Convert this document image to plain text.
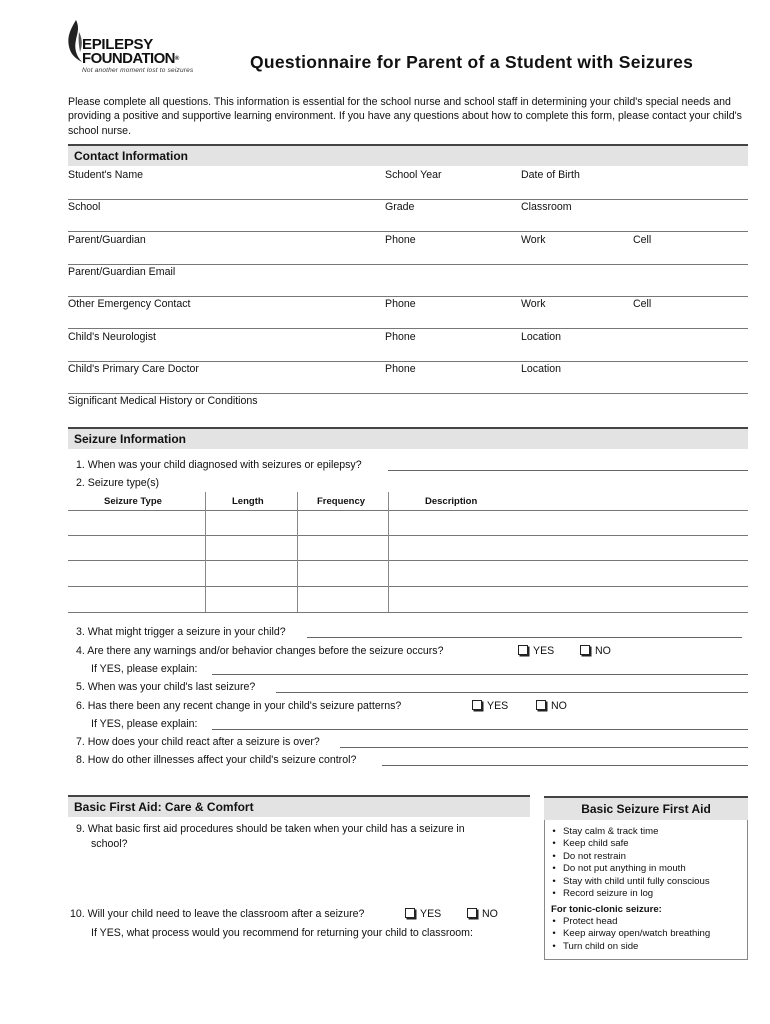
EPILEPSY
FOUNDATION®
Not another moment lost to seizures	Questionnaire for Parent of a Student with Seizures
Please complete all questions. This information is essential for the school nurse and school staff in determining your child's special needs and providing a positive and supportive learning environment. If you have any questions about how to complete this form, please contact your child's school nurse.
Contact Information
Student's Name	School Year	Date of Birth
School	Grade	Classroom
Parent/Guardian	Phone	Work	Cell
Parent/Guardian Email
Other Emergency Contact	Phone	Work	Cell
Child's Neurologist	Phone	Location
Child's Primary Care Doctor	Phone	Location
Significant Medical History or Conditions
Seizure Information
1. When was your child diagnosed with seizures or epilepsy?
2. Seizure type(s)
Seizure Type	Length	Frequency	Description
3. What might trigger a seizure in your child?
4. Are there any warnings and/or behavior changes before the seizure occurs?	YES	NO
If YES, please explain:
5. When was your child's last seizure?
6. Has there been any recent change in your child's seizure patterns?	YES	NO
If YES, please explain:
7. How does your child react after a seizure is over?
8. How do other illnesses affect your child's seizure control?
Basic First Aid: Care & Comfort
9. What basic first aid procedures should be taken when your child has a seizure in
school?
10. Will your child need to leave the classroom after a seizure?	YES	NO
If YES, what process would you recommend for returning your child to classroom:
Basic Seizure First Aid
• Stay calm & track time
• Keep child safe
• Do not restrain
• Do not put anything in mouth
• Stay with child until fully conscious
• Record seizure in log
For tonic-clonic seizure:
• Protect head
• Keep airway open/watch breathing
• Turn child on side
